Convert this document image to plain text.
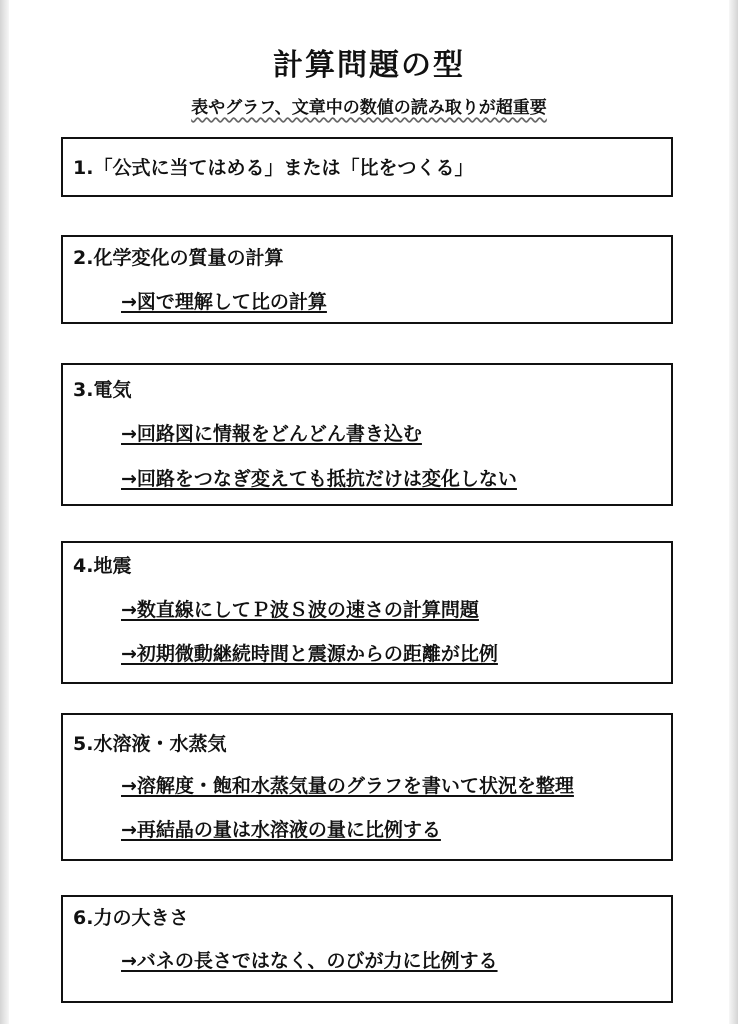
計算問題の型
表やグラフ、文章中の数値の読み取りが超重要
1.「公式に当てはめる」または「比をつくる」
2.化学変化の質量の計算
→図で理解して比の計算
3.電気
→回路図に情報をどんどん書き込む
→回路をつなぎ変えても抵抗だけは変化しない
4.地震
→数直線にしてＰ波Ｓ波の速さの計算問題
→初期微動継続時間と震源からの距離が比例
5.水溶液・水蒸気
→溶解度・飽和水蒸気量のグラフを書いて状況を整理
→再結晶の量は水溶液の量に比例する
6.力の大きさ
→バネの長さではなく、のびが力に比例する
